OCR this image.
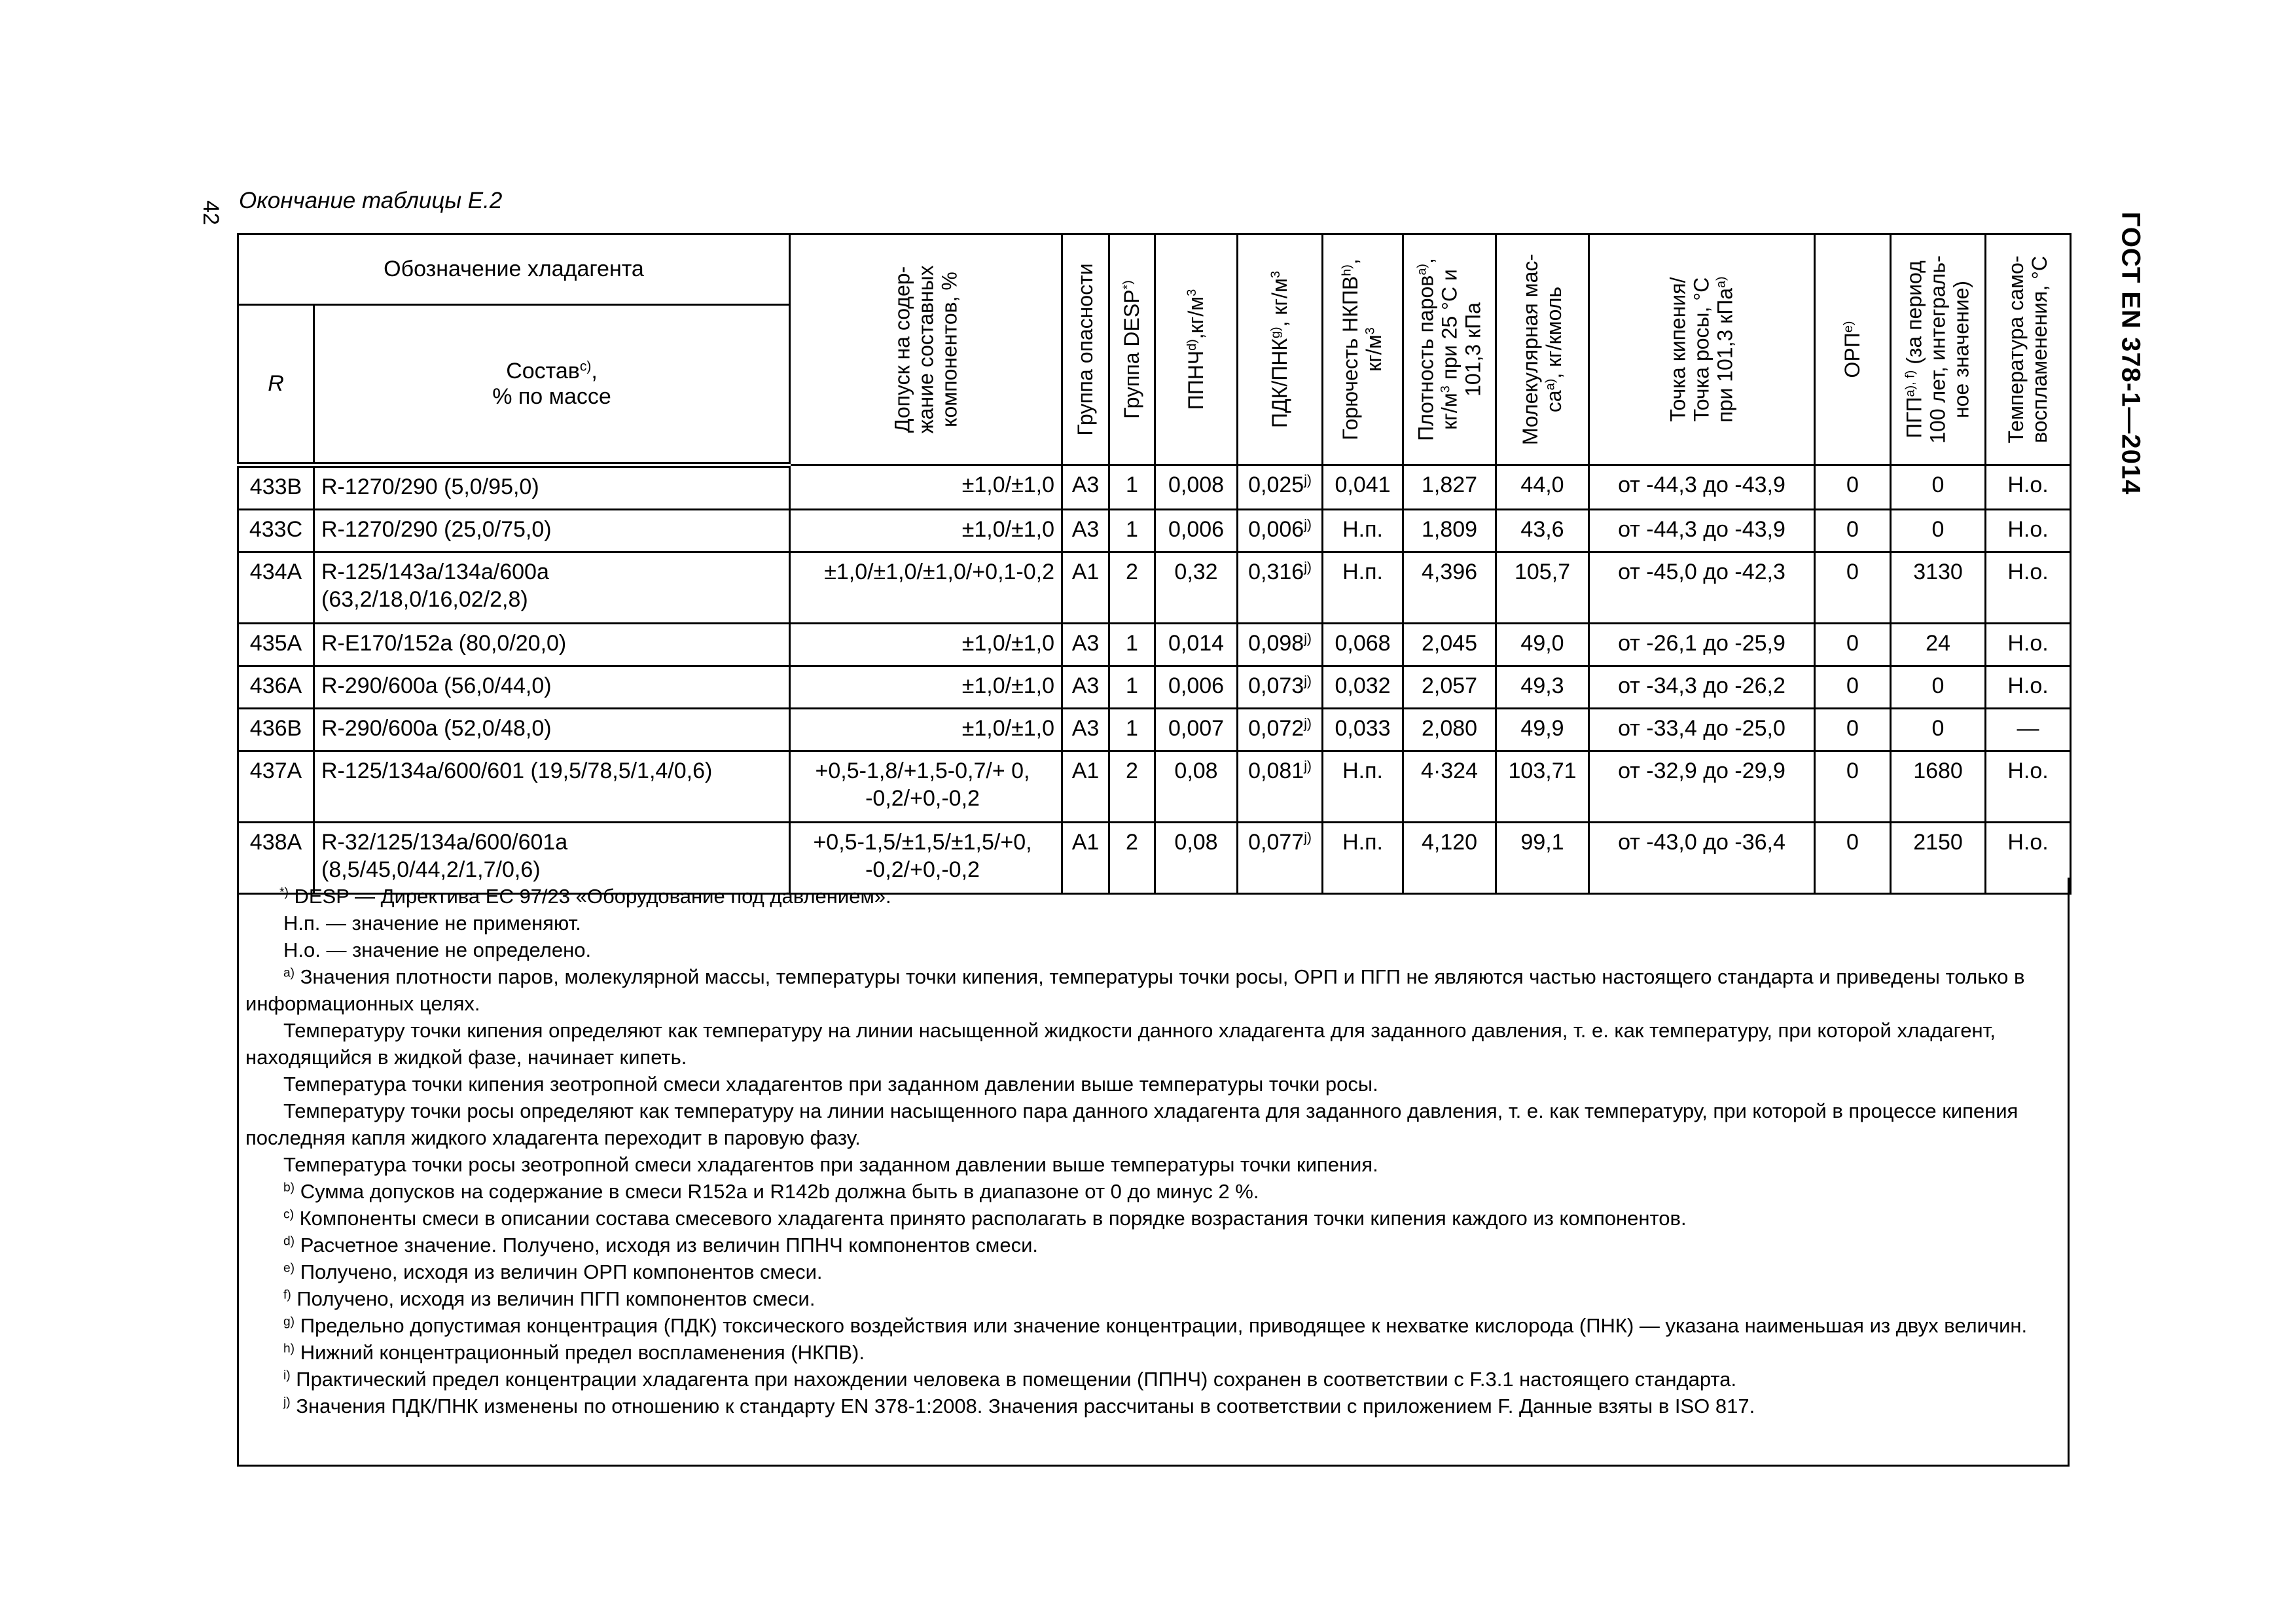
42 Окончание таблицы Е.2
ГОСТ EN 378-1—2014
Обозначение хладагента		Допуск на содер-
жание составных
компонентов, %	Группа опасности	Группа DESP*)	$ППНЧ^{d)},кг/м^3$	ПДК/ПНК$^{g)}$, $кг/м^3$	Горючесть НКПВ$^{h)}$,
$кг/м^3$	Плотность паров$^{a)}$,
$кг/м^3$ при 25 °С и
101,3 кПа	Молекулярная мас-
$са^{a)}$, кг/кмоль	Точка кипения/
Точка росы, °С
при 101,3 кПа$^{a)}$	ОРП$^{e)}$	$ПГП^{a), f)}$ (за период
100 лет, интеграль-
ное значение)	Температура само-
воспламенения, °С

R	Состав$^{c)}$,
% по массе												
433B	R-1270/290 (5,0/95,0)	±1,0/±1,0	A3	1	0,008	0,025$^{j)}$	0,041	1,827	44,0	от -44,3 до -43,9	0	0	Н.о.
433C	R-1270/290 (25,0/75,0)	±1,0/±1,0	A3	1	0,006	0,006$^{j)}$	Н.п.	1,809	43,6	от -44,3 до -43,9	0	0	Н.о.
434A	R-125/143a/134a/600a
(63,2/18,0/16,02/2,8)	±1,0/±1,0/±1,0/+0,1-0,2	A1	2	0,32	0,316$^{j)}$	Н.п.	4,396	105,7	от -45,0 до -42,3	0	3130	Н.о.
435A	R-E170/152a (80,0/20,0)	±1,0/±1,0	A3	1	0,014	0,098$^{j)}$	0,068	2,045	49,0	от -26,1 до -25,9	0	24	Н.о.
436A	R-290/600a (56,0/44,0)	±1,0/±1,0	A3	1	0,006	0,073$^{j)}$	0,032	2,057	49,3	от -34,3 до -26,2	0	0	Н.о.
436B	R-290/600a (52,0/48,0)	±1,0/±1,0	A3	1	0,007	0,072$^{j)}$	0,033	2,080	49,9	от -33,4 до -25,0	0	0	—
437A	R-125/134a/600/601 (19,5/78,5/1,4/0,6)	+0,5-1,8/+1,5-0,7/+ 0,
-0,2/+0,-0,2	A1	2	0,08	0,081$^{j)}$	Н.п.	4·324	103,71	от -32,9 до -29,9	0	1680	Н.о.
438A	R-32/125/134a/600/601a
(8,5/45,0/44,2/1,7/0,6)	+0,5-1,5/±1,5/±1,5/+0,
-0,2/+0,-0,2	A1	2	0,08	0,077$^{j)}$	Н.п.	4,120	99,1	от -43,0 до -36,4	0	2150	Н.о.

*) DESP — Директива ЕС 97/23 «Оборудование под давлением».

Н.п. — значение не применяют.

Н.о. — значение не определено.

$^{a)}$ Значения плотности паров, молекулярной массы, температуры точки кипения, температуры точки росы, ОРП и ПГП не являются частью настоящего стандарта и приведены только в информационных целях.

Температуру точки кипения определяют как температуру на линии насыщенной жидкости данного хладагента для заданного давления, т. е. как температуру, при которой хладагент, находящийся в жидкой фазе, начинает кипеть.

Температура точки кипения зеотропной смеси хладагентов при заданном давлении выше температуры точки росы.

Температуру точки росы определяют как температуру на линии насыщенного пара данного хладагента для заданного давления, т. е. как температуру, при которой в процессе кипения последняя капля жидкого хладагента переходит в паровую фазу.

Температура точки росы зеотропной смеси хладагентов при заданном давлении выше температуры точки кипения.

$^{b)}$ Сумма допусков на содержание в смеси R152a и R142b должна быть в диапазоне от 0 до минус 2 %.

$^{c)}$ Компоненты смеси в описании состава смесевого хладагента принято располагать в порядке возрастания точки кипения каждого из компонентов.

$^{d)}$ Расчетное значение. Получено, исходя из величин ППНЧ компонентов смеси.

$^{e)}$ Получено, исходя из величин ОРП компонентов смеси.

$^{f)}$ Получено, исходя из величин ПГП компонентов смеси.

$^{g)}$ Предельно допустимая концентрация (ПДК) токсического воздействия или значение концентрации, приводящее к нехватке кислорода (ПНК) — указана наименьшая из двух величин.

$^{h)}$ Нижний концентрационный предел воспламенения (НКПВ).

$^{i)}$ Практический предел концентрации хладагента при нахождении человека в помещении (ППНЧ) сохранен в соответствии с F.3.1 настоящего стандарта.

$^{j)}$ Значения ПДК/ПНК изменены по отношению к стандарту EN 378-1:2008. Значения рассчитаны в соответствии с приложением F. Данные взяты в ISO 817.
